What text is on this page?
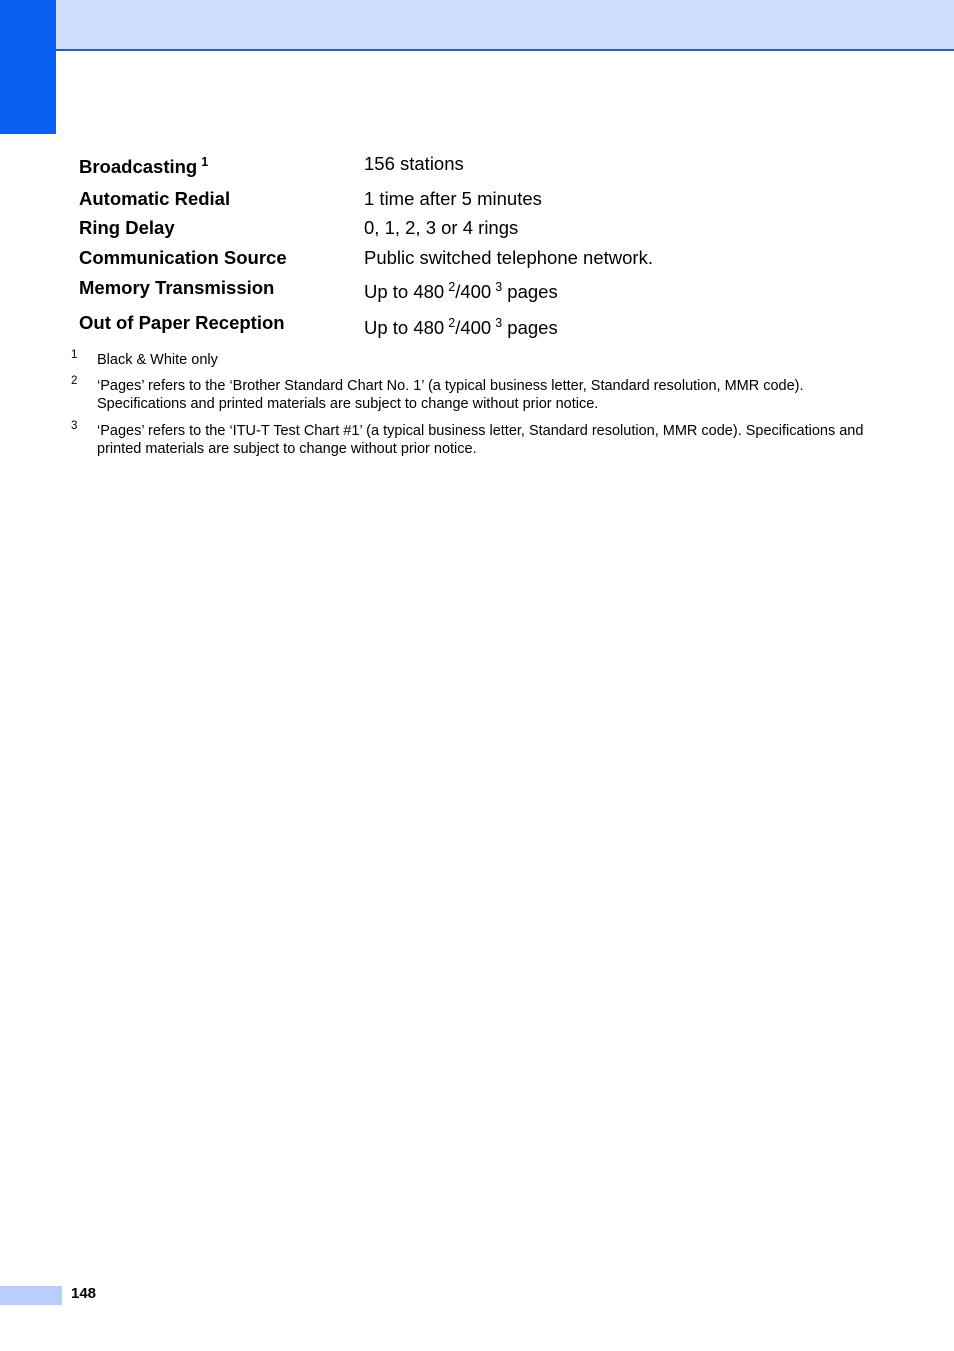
Broadcasting $^1$	156 stations
Automatic Redial	1 time after 5 minutes
Ring Delay	0, 1, 2, 3 or 4 rings
Communication Source	Public switched telephone network.
Memory Transmission	Up to 480 $^2$/400 $^3$ pages
Out of Paper Reception	Up to 480 $^2$/400 $^3$ pages
1 Black & White only
2 ‘Pages’ refers to the ‘Brother Standard Chart No. 1’ (a typical business letter, Standard resolution, MMR code). Specifications and printed materials are subject to change without prior notice.
3 ‘Pages’ refers to the ‘ITU-T Test Chart #1’ (a typical business letter, Standard resolution, MMR code). Specifications and printed materials are subject to change without prior notice.
148
